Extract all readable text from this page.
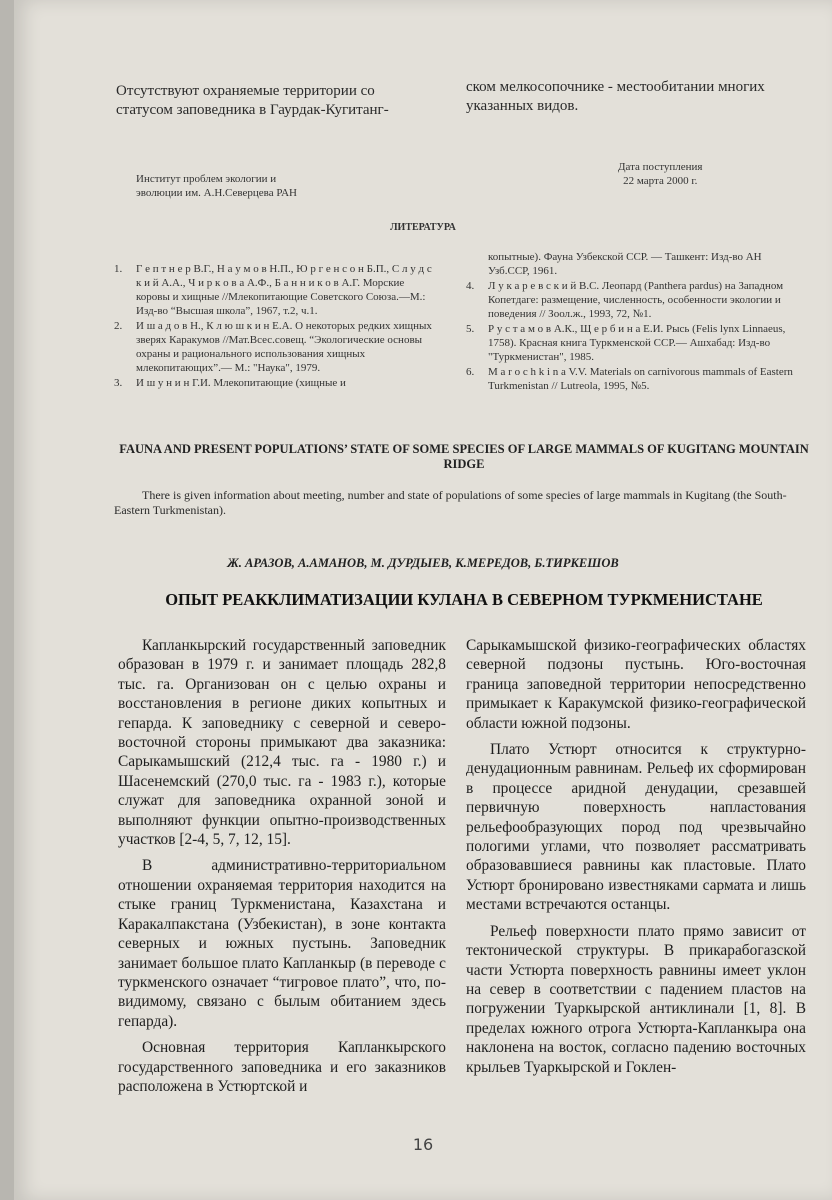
Отсутствуют охраняемые территории со статусом заповедника в Гаурдак-Кугитанг-
ском мелкосопочнике - местообитании многих указанных видов.
Институт проблем экологии и
эволюции им. А.Н.Северцева РАН
Дата поступления
22 марта 2000 г.
ЛИТЕРАТУРА
1. Г е п т н е р В.Г., Н а у м о в Н.П., Ю р г е н с о н Б.П., С л у д с к и й А.А., Ч и р к о в а А.Ф., Б а н н и к о в А.Г. Морские коровы и хищные //Млекопитающие Советского Союза.—М.: Изд-во “Высшая школа”, 1967, т.2, ч.1.
2. И ш а д о в Н., К л ю ш к и н Е.А. О некоторых редких хищных зверях Каракумов //Мат.Всес.совещ. “Экологические основы охраны и рационального использования хищных млекопитающих”.— М.: "Наука", 1979.
3. И ш у н и н Г.И. Млекопитающие (хищные и
копытные). Фауна Узбекской ССР. — Ташкент: Изд-во АН Узб.ССР, 1961.
4. Л у к а р е в с к и й В.С. Леопард (Panthera pardus) на Западном Копетдаге: размещение, численность, особенности экологии и поведения // Зоол.ж., 1993, 72, №1.
5. Р у с т а м о в А.К., Щ е р б и н а Е.И. Рысь (Felis lynx Linnaeus, 1758). Красная книга Туркменской ССР.— Ашхабад: Изд-во "Туркменистан", 1985.
6. M a r o c h k i n a V.V. Materials on carnivorous mammals of Eastern Turkmenistan // Lutreola, 1995, №5.
FAUNA AND PRESENT POPULATIONS’ STATE OF SOME SPECIES OF LARGE MAMMALS OF KUGITANG MOUNTAIN RIDGE
There is given information about meeting, number and state of populations of some species of large mammals in Kugitang (the South-Eastern Turkmenistan).
Ж. АРАЗОВ, А.АМАНОВ, М. ДУРДЫЕВ, К.МЕРЕДОВ, Б.ТИРКЕШОВ
ОПЫТ РЕАККЛИМАТИЗАЦИИ КУЛАНА В СЕВЕРНОМ ТУРКМЕНИСТАНЕ

Капланкырский государственный заповедник образован в 1979 г. и занимает площадь 282,8 тыс. га. Организован он с целью охраны и восстановления в регионе диких копытных и гепарда. К заповеднику с северной и северо-восточной стороны примыкают два заказника: Сарыкамышский (212,4 тыс. га - 1980 г.) и Шасенемский (270,0 тыс. га - 1983 г.), которые служат для заповедника охранной зоной и выполняют функции опытно-производственных участков [2-4, 5, 7, 12, 15].

В административно-территориальном отношении охраняемая территория находится на стыке границ Туркменистана, Казахстана и Каракалпакстана (Узбекистан), в зоне контакта северных и южных пустынь. Заповедник занимает большое плато Капланкыр (в переводе с туркменского означает “тигровое плато”, что, по-видимому, связано с былым обитанием здесь гепарда).

Основная территория Капланкырского государственного заповедника и его заказников расположена в Устюртской и

Сарыкамышской физико-географических областях северной подзоны пустынь. Юго-восточная граница заповедной территории непосредственно примыкает к Каракумской физико-географической области южной подзоны.

Плато Устюрт относится к структурно-денудационным равнинам. Рельеф их сформирован в процессе аридной денудации, срезавшей первичную поверхность напластования рельефообразующих пород под чрезвычайно пологими углами, что позволяет рассматривать образовавшиеся равнины как пластовые. Плато Устюрт бронировано известняками сармата и лишь местами встречаются останцы.

Рельеф поверхности плато прямо зависит от тектонической структуры. В прикарабогазской части Устюрта поверхность равнины имеет уклон на север в соответствии с падением пластов на погружении Туаркырской антиклинали [1, 8]. В пределах южного отрога Устюрта-Капланкыра она наклонена на восток, согласно падению восточных крыльев Туаркырской и Гоклен-

16
